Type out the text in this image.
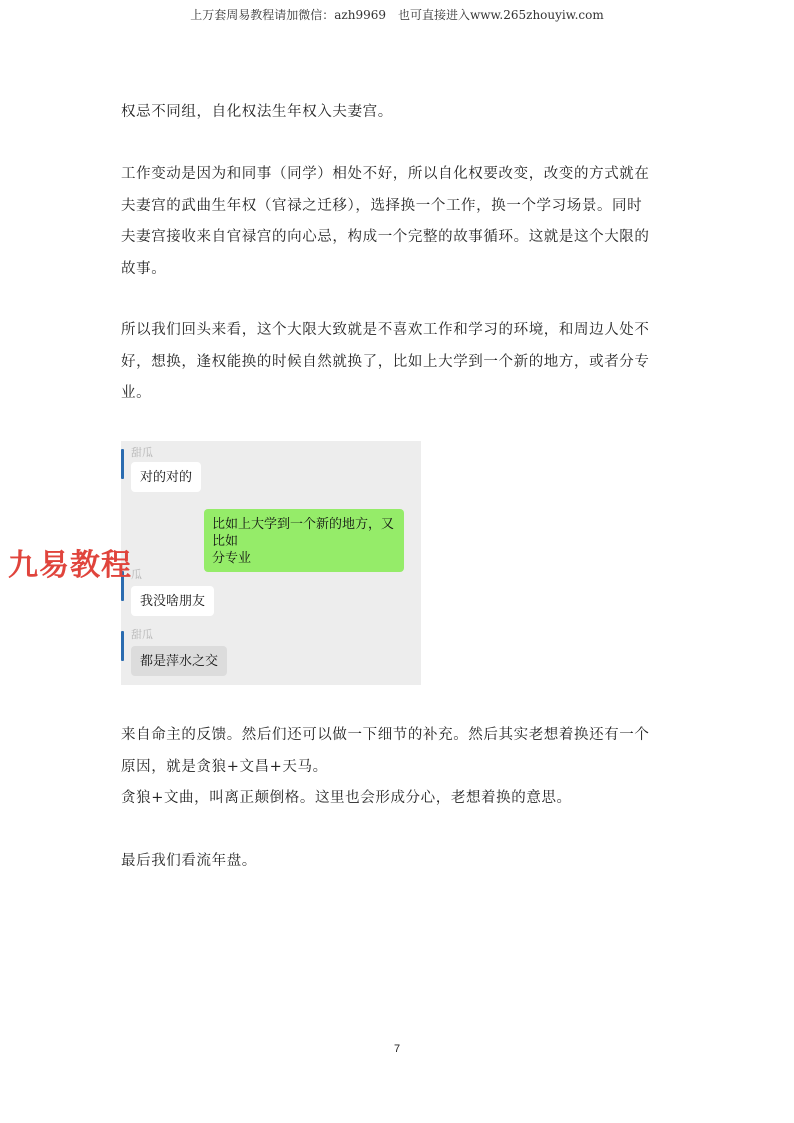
上万套周易教程请加微信：azh9969　也可直接进入www.265zhouyiw.com
权忌不同组，自化权法生年权入夫妻宫。
工作变动是因为和同事（同学）相处不好，所以自化权要改变，改变的方式就在
夫妻宫的武曲生年权（官禄之迁移），选择换一个工作，换一个学习场景。同时
夫妻宫接收来自官禄宫的向心忌，构成一个完整的故事循环。这就是这个大限的
故事。
所以我们回头来看，这个大限大致就是不喜欢工作和学习的环境，和周边人处不
好，想换，逢权能换的时候自然就换了，比如上大学到一个新的地方，或者分专
业。
甜瓜
对的对的
比如上大学到一个新的地方，又比如
分专业
瓜
我没啥朋友
甜瓜
都是萍水之交
九易教程
来自命主的反馈。然后们还可以做一下细节的补充。然后其实老想着换还有一个
原因，就是贪狼+文昌+天马。
贪狼+文曲，叫离正颠倒格。这里也会形成分心，老想着换的意思。
最后我们看流年盘。
7
